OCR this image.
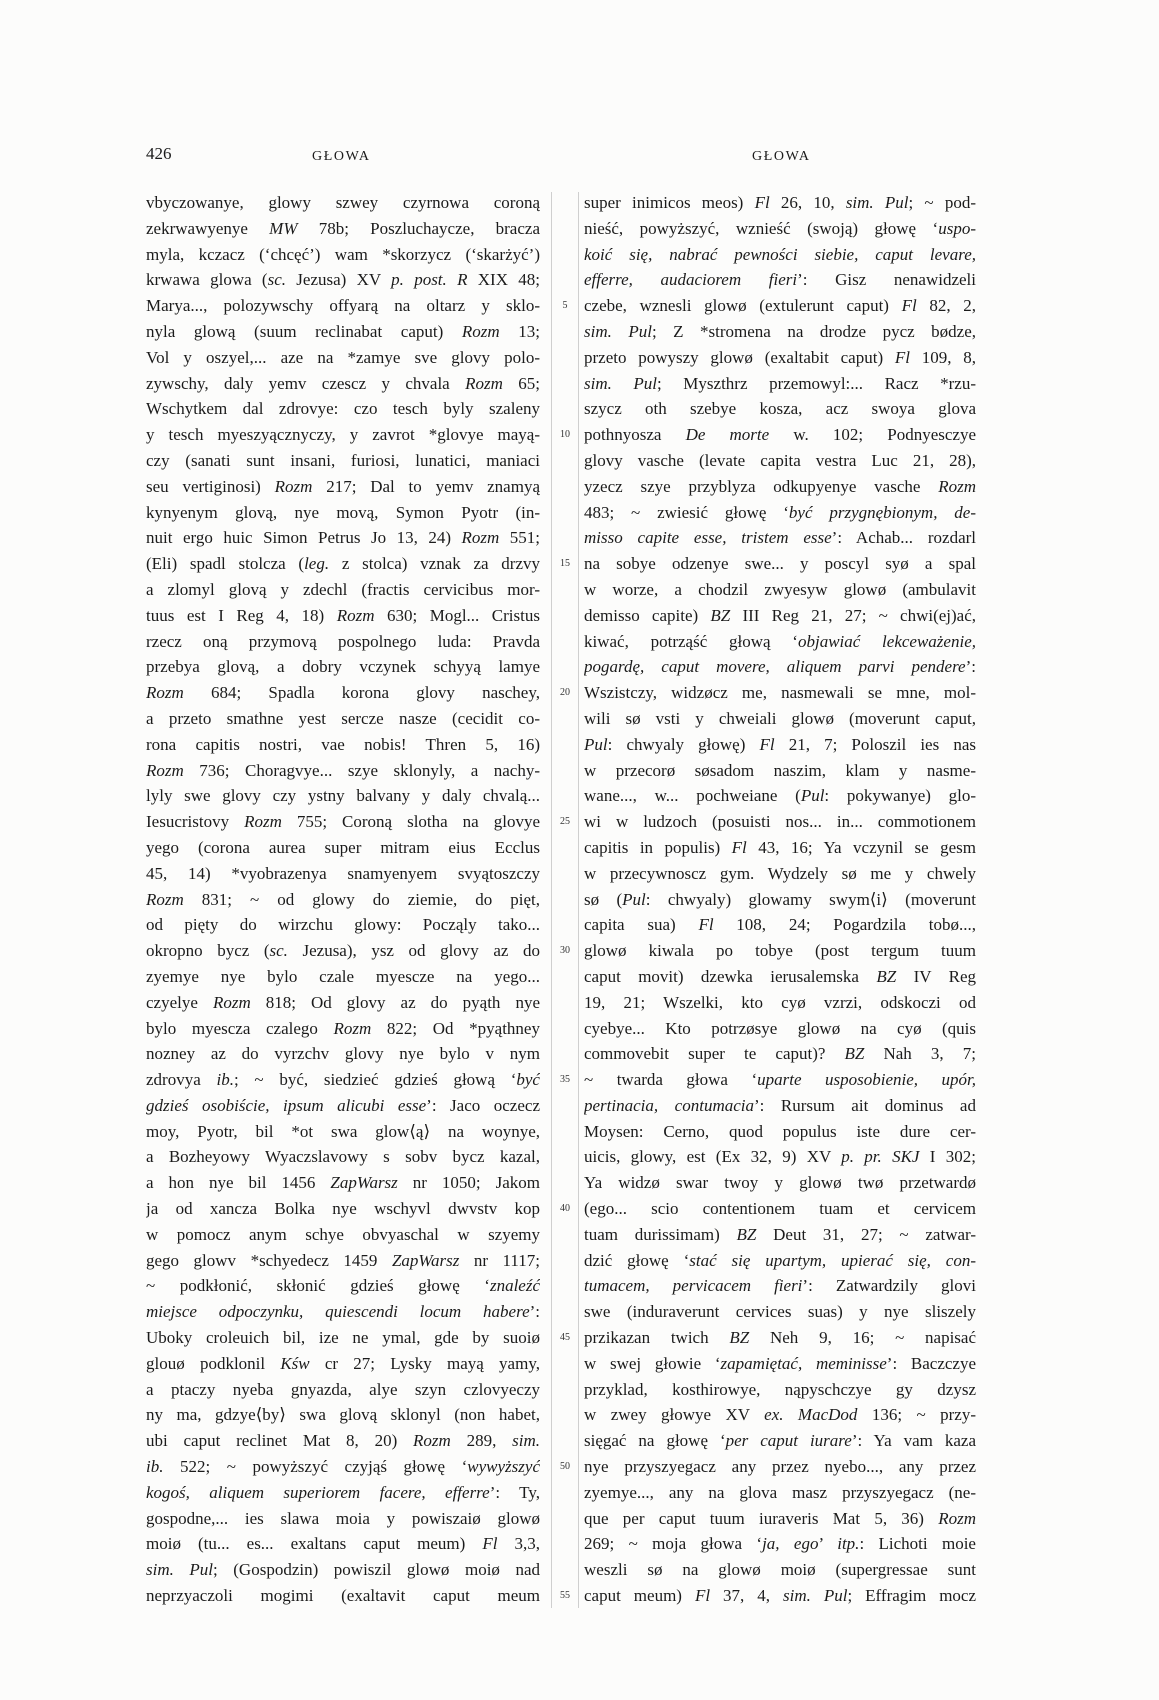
426	GŁOWA	GŁOWA
vbyczowanye, glowy szwey czyrnowa coroną
zekrwawyenye MW 78b; Poszluchaycze, bracza
myla, kczacz (‘chcęć’) wam *skorzycz (‘skarżyć’)
krwawa glowa (sc. Jezusa) XV p. post. R XIX 48;
Marya..., polozywschy offyarą na oltarz y sklo-
nyla glową (suum reclinabat caput) Rozm 13;
Vol y oszyel,... aze na *zamye sve glovy polo-
zywschy, daly yemv czescz y chvala Rozm 65;
Wschytkem dal zdrovye: czo tesch byly szaleny
y tesch myeszyącznyczy, y zavrot *glovye mayą-
czy (sanati sunt insani, furiosi, lunatici, maniaci
seu vertiginosi) Rozm 217; Dal to yemv znamyą
kynyenym glovą, nye movą, Symon Pyotr (in-
nuit ergo huic Simon Petrus Jo 13, 24) Rozm 551;
(Eli) spadl stolcza (leg. z stolca) vznak za drzvy
a zlomyl glovą y zdechl (fractis cervicibus mor-
tuus est I Reg 4, 18) Rozm 630; Mogl... Cristus
rzecz oną przymovą pospolnego luda: Pravda
przebya glovą, a dobry vczynek schyyą lamye
Rozm 684; Spadla korona glovy naschey,
a przeto smathne yest sercze nasze (cecidit co-
rona capitis nostri, vae nobis! Thren 5, 16)
Rozm 736; Choragvye... szye sklonyly, a nachy-
lyly swe glovy czy ystny balvany y daly chvalą...
Iesucristovy Rozm 755; Coroną slotha na glovye
yego (corona aurea super mitram eius Ecclus
45, 14) *vyobrazenya snamyenyem svyątoszczy
Rozm 831; ~ od glowy do ziemie, do pięt,
od pięty do wirzchu glowy: Począly tako...
okropno bycz (sc. Jezusa), ysz od glovy az do
zyemye nye bylo czale myescze na yego...
czyelye Rozm 818; Od glovy az do pyąth nye
bylo myescza czalego Rozm 822; Od *pyąthney
nozney az do vyrzchv glovy nye bylo v nym
zdrovya ib.; ~ być, siedzieć gdzieś głową ‘być
gdzieś osobiście, ipsum alicubi esse’: Jaco oczecz
moy, Pyotr, bil *ot swa glow⟨ą⟩ na woynye,
a Bozheyowy Wyaczslavowy s sobv bycz kazal,
a hon nye bil 1456 ZapWarsz nr 1050; Jakom
ja od xancza Bolka nye wschyvl dwvstv kop
w pomocz anym schye obvyaschal w szyemy
gego glowv *schyedecz 1459 ZapWarsz nr 1117;
~ podkłonić, skłonić gdzieś głowę ‘znaleźć
miejsce odpoczynku, quiescendi locum habere’:
Uboky croleuich bil, ize ne ymal, gde by suoiø
glouø podklonil Kśw cr 27; Lysky mayą yamy,
a ptaczy nyeba gnyazda, alye szyn czlovyeczy
ny ma, gdzye⟨by⟩ swa glovą sklonyl (non habet,
ubi caput reclinet Mat 8, 20) Rozm 289, sim.
ib. 522; ~ powyższyć czyjąś głowę ‘wywyższyć
kogoś, aliquem superiorem facere, efferre’: Ty,
gospodne,... ies slawa moia y powiszaiø glowø
moiø (tu... es... exaltans caput meum) Fl 3,3,
sim. Pul; (Gospodzin) powiszil glowø moiø nad
neprzyaczoli mogimi (exaltavit caput meum
5
10
15
20
25
30
35
40
45
50
55
super inimicos meos) Fl 26, 10, sim. Pul; ~ pod-
nieść, powyższyć, wznieść (swoją) głowę ‘uspo-
koić się, nabrać pewności siebie, caput levare,
efferre, audaciorem fieri’: Gisz nenawidzeli
czebe, wznesli glowø (extulerunt caput) Fl 82, 2,
sim. Pul; Z *stromena na drodze pycz bødze,
przeto powyszy glowø (exaltabit caput) Fl 109, 8,
sim. Pul; Myszthrz przemowyl:... Racz *rzu-
szycz oth szebye kosza, acz swoya glova
pothnyosza De morte w. 102; Podnyesczye
glovy vasche (levate capita vestra Luc 21, 28),
yzecz szye przyblyza odkupyenye vasche Rozm
483; ~ zwiesić głowę ‘być przygnębionym, de-
misso capite esse, tristem esse’: Achab... rozdarl
na sobye odzenye swe... y poscyl syø a spal
w worze, a chodzil zwyesyw glowø (ambulavit
demisso capite) BZ III Reg 21, 27; ~ chwi(ej)ać,
kiwać, potrząść głową ‘objawiać lekceważenie,
pogardę, caput movere, aliquem parvi pendere’:
Wszistczy, widzøcz me, nasmewali se mne, mol-
wili sø vsti y chweiali glowø (moverunt caput,
Pul: chwyaly głowę) Fl 21, 7; Poloszil ies nas
w przecorø søsadom naszim, klam y nasme-
wane..., w... pochweiane (Pul: pokywanye) glo-
wi w ludzoch (posuisti nos... in... commotionem
capitis in populis) Fl 43, 16; Ya vczynil se gesm
w przecywnoscz gym. Wydzely sø me y chwely
sø (Pul: chwyaly) glowamy swym⟨i⟩ (moverunt
capita sua) Fl 108, 24; Pogardzila tobø...,
glowø kiwala po tobye (post tergum tuum
caput movit) dzewka ierusalemska BZ IV Reg
19, 21; Wszelki, kto cyø vzrzi, odskoczi od
cyebye... Kto potrzøsye glowø na cyø (quis
commovebit super te caput)? BZ Nah 3, 7;
~ twarda głowa ‘uparte usposobienie, upór,
pertinacia, contumacia’: Rursum ait dominus ad
Moysen: Cerno, quod populus iste dure cer-
uicis, glowy, est (Ex 32, 9) XV p. pr. SKJ I 302;
Ya widzø swar twoy y glowø twø przetwardø
(ego... scio contentionem tuam et cervicem
tuam durissimam) BZ Deut 31, 27; ~ zatwar-
dzić głowę ‘stać się upartym, upierać się, con-
tumacem, pervicacem fieri’: Zatwardzily glovi
swe (induraverunt cervices suas) y nye sliszely
przikazan twich BZ Neh 9, 16; ~ napisać
w swej głowie ‘zapamiętać, meminisse’: Baczczye
przyklad, kosthirowye, nąpyschczye gy dzysz
w zwey głowye XV ex. MacDod 136; ~ przy-
sięgać na głowę ‘per caput iurare’: Ya vam kaza
nye przyszyegacz any przez nyebo..., any przez
zyemye..., any na glova masz przyszyegacz (ne-
que per caput tuum iuraveris Mat 5, 36) Rozm
269; ~ moja głowa ‘ja, ego’ itp.: Lichoti moie
weszli sø na glowø moiø (supergressae sunt
caput meum) Fl 37, 4, sim. Pul; Effragim mocz
